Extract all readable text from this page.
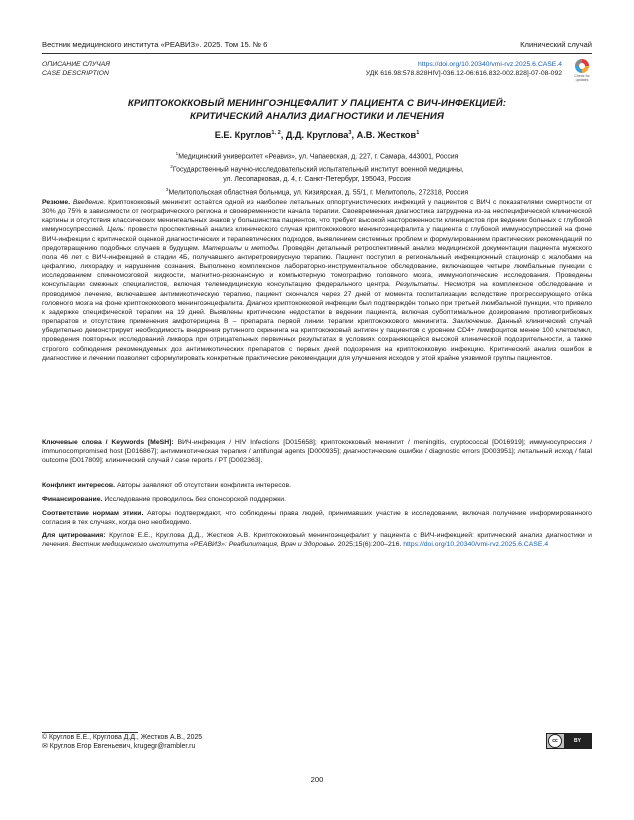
Вестник медицинского института «РЕАВИЗ». 2025. Том 15. № 6	Клинический случай
ОПИСАНИЕ СЛУЧАЯ
CASE DESCRIPTION
https://doi.org/10.20340/vmi-rvz.2025.6.CASE.4
УДК 616.98:578.828HIV]-036.12-06:616.832-002.828]-07-08-092	Check for updates
КРИПТОКОККОВЫЙ МЕНИНГОЭНЦЕФАЛИТ У ПАЦИЕНТА С ВИЧ-ИНФЕКЦИЕЙ:
КРИТИЧЕСКИЙ АНАЛИЗ ДИАГНОСТИКИ И ЛЕЧЕНИЯ
Е.Е. Круглов$^{1, 2}$, Д.Д. Круглова$^3$, А.В. Жестков$^1$
$^1$Медицинский университет «Реавиз», ул. Чапаевская, д. 227, г. Самара, 443001, Россия
$^2$Государственный научно-исследовательский испытательный институт военной медицины,
ул. Лесопарковая, д. 4, г. Санкт-Петербург, 195043, Россия
$^3$Мелитопольская областная больница, ул. Кизиярская, д. 55/1, г. Мелитополь, 272318, Россия
Резюме. Введение. Криптококковый менингит остаётся одной из наиболее летальных оппортунистических инфекций у пациентов с ВИЧ с показателями смертности от 30% до 75% в зависимости от географического региона и своевременности начала терапии. Своевременная диагностика затруднена из-за неспецифической клинической картины и отсутствия классических менингеальных знаков у большинства пациентов, что требует высокой настороженности клиницистов при ведении больных с глубокой иммуносупрессией. Цель: провести проспективный анализ клинического случая криптококкового менингоэнцефалита у пациента с глубокой иммуносупрессией на фоне ВИЧ-инфекции с критической оценкой диагностических и терапевтических подходов, выявлением системных проблем и формулированием практических рекомендаций по предотвращению подобных случаев в будущем. Материалы и методы. Проведён детальный ретроспективный анализ медицинской документации пациента мужского пола 46 лет с ВИЧ-инфекцией в стадии 4Б, получавшего антиретровирусную терапию. Пациент поступил в региональный инфекционный стационар с жалобами на цефалгию, лихорадку и нарушение сознания. Выполнено комплексное лабораторно-инструментальное обследование, включающее четыре люмбальные пункции с исследованием спинномозговой жидкости, магнитно-резонансную и компьютерную томографию головного мозга, иммунологические исследования. Проведены консультации смежных специалистов, включая телемедицинскую консультацию федерального центра. Результаты. Несмотря на комплексное обследование и проводимое лечение, включавшее антимикотическую терапию, пациент скончался через 27 дней от момента госпитализации вследствие прогрессирующего отёка головного мозга на фоне криптококкового менингоэнцефалита. Диагноз криптококковой инфекции был подтверждён только при третьей люмбальной пункции, что привело к задержке специфической терапии на 19 дней. Выявлены критические недостатки в ведении пациента, включая субоптимальное дозирование противогрибковых препаратов и отсутствие применения амфотерицина В – препарата первой линии терапии криптококкового менингита. Заключение. Данный клинический случай убедительно демонстрирует необходимость внедрения рутинного скрининга на криптококковый антиген у пациентов с уровнем CD4+ лимфоцитов менее 100 клеток/мкл, проведения повторных исследований ликвора при отрицательных первичных результатах в условиях сохраняющейся высокой клинической подозрительности, а также строгого соблюдения рекомендуемых доз антимикотических препаратов с первых дней подозрения на криптококковую инфекцию. Критический анализ ошибок в диагностике и лечении позволяет сформулировать конкретные практические рекомендации для улучшения исходов у этой крайне уязвимой группы пациентов.
Ключевые слова / Keywords [MeSH]: ВИЧ-инфекция / HIV Infections [D015658]; криптококковый менингит / meningitis, cryptococcal [D016919]; иммуносупрессия / immunocompromised host [D016867]; антимикотическая терапия / antifungal agents [D000935]; диагностические ошибки / diagnostic errors [D003951]; летальный исход / fatal outcome [D017809]; клинический случай / case reports / PT [D002363].
Конфликт интересов. Авторы заявляют об отсутствии конфликта интересов.
Финансирование. Исследование проводилось без спонсорской поддержки.
Соответствие нормам этики. Авторы подтверждают, что соблюдены права людей, принимавших участие в исследовании, включая получение информированного согласия в тех случаях, когда оно необходимо.
Для цитирования: Круглов Е.Е., Круглова Д.Д., Жестков А.В. Криптококковый менингоэнцефалит у пациента с ВИЧ-инфекцией: критический анализ диагностики и лечения. Вестник медицинского института «РЕАВИЗ»: Реабилитация, Врач и Здоровье. 2025;15(6):200–216. https://doi.org/10.20340/vmi-rvz.2025.6.CASE.4
© Круглов Е.Е., Круглова Д.Д., Жестков А.В., 2025
✉ Круглов Егор Евгеньевич, krugegr@rambler.ru
cc	BY
200
